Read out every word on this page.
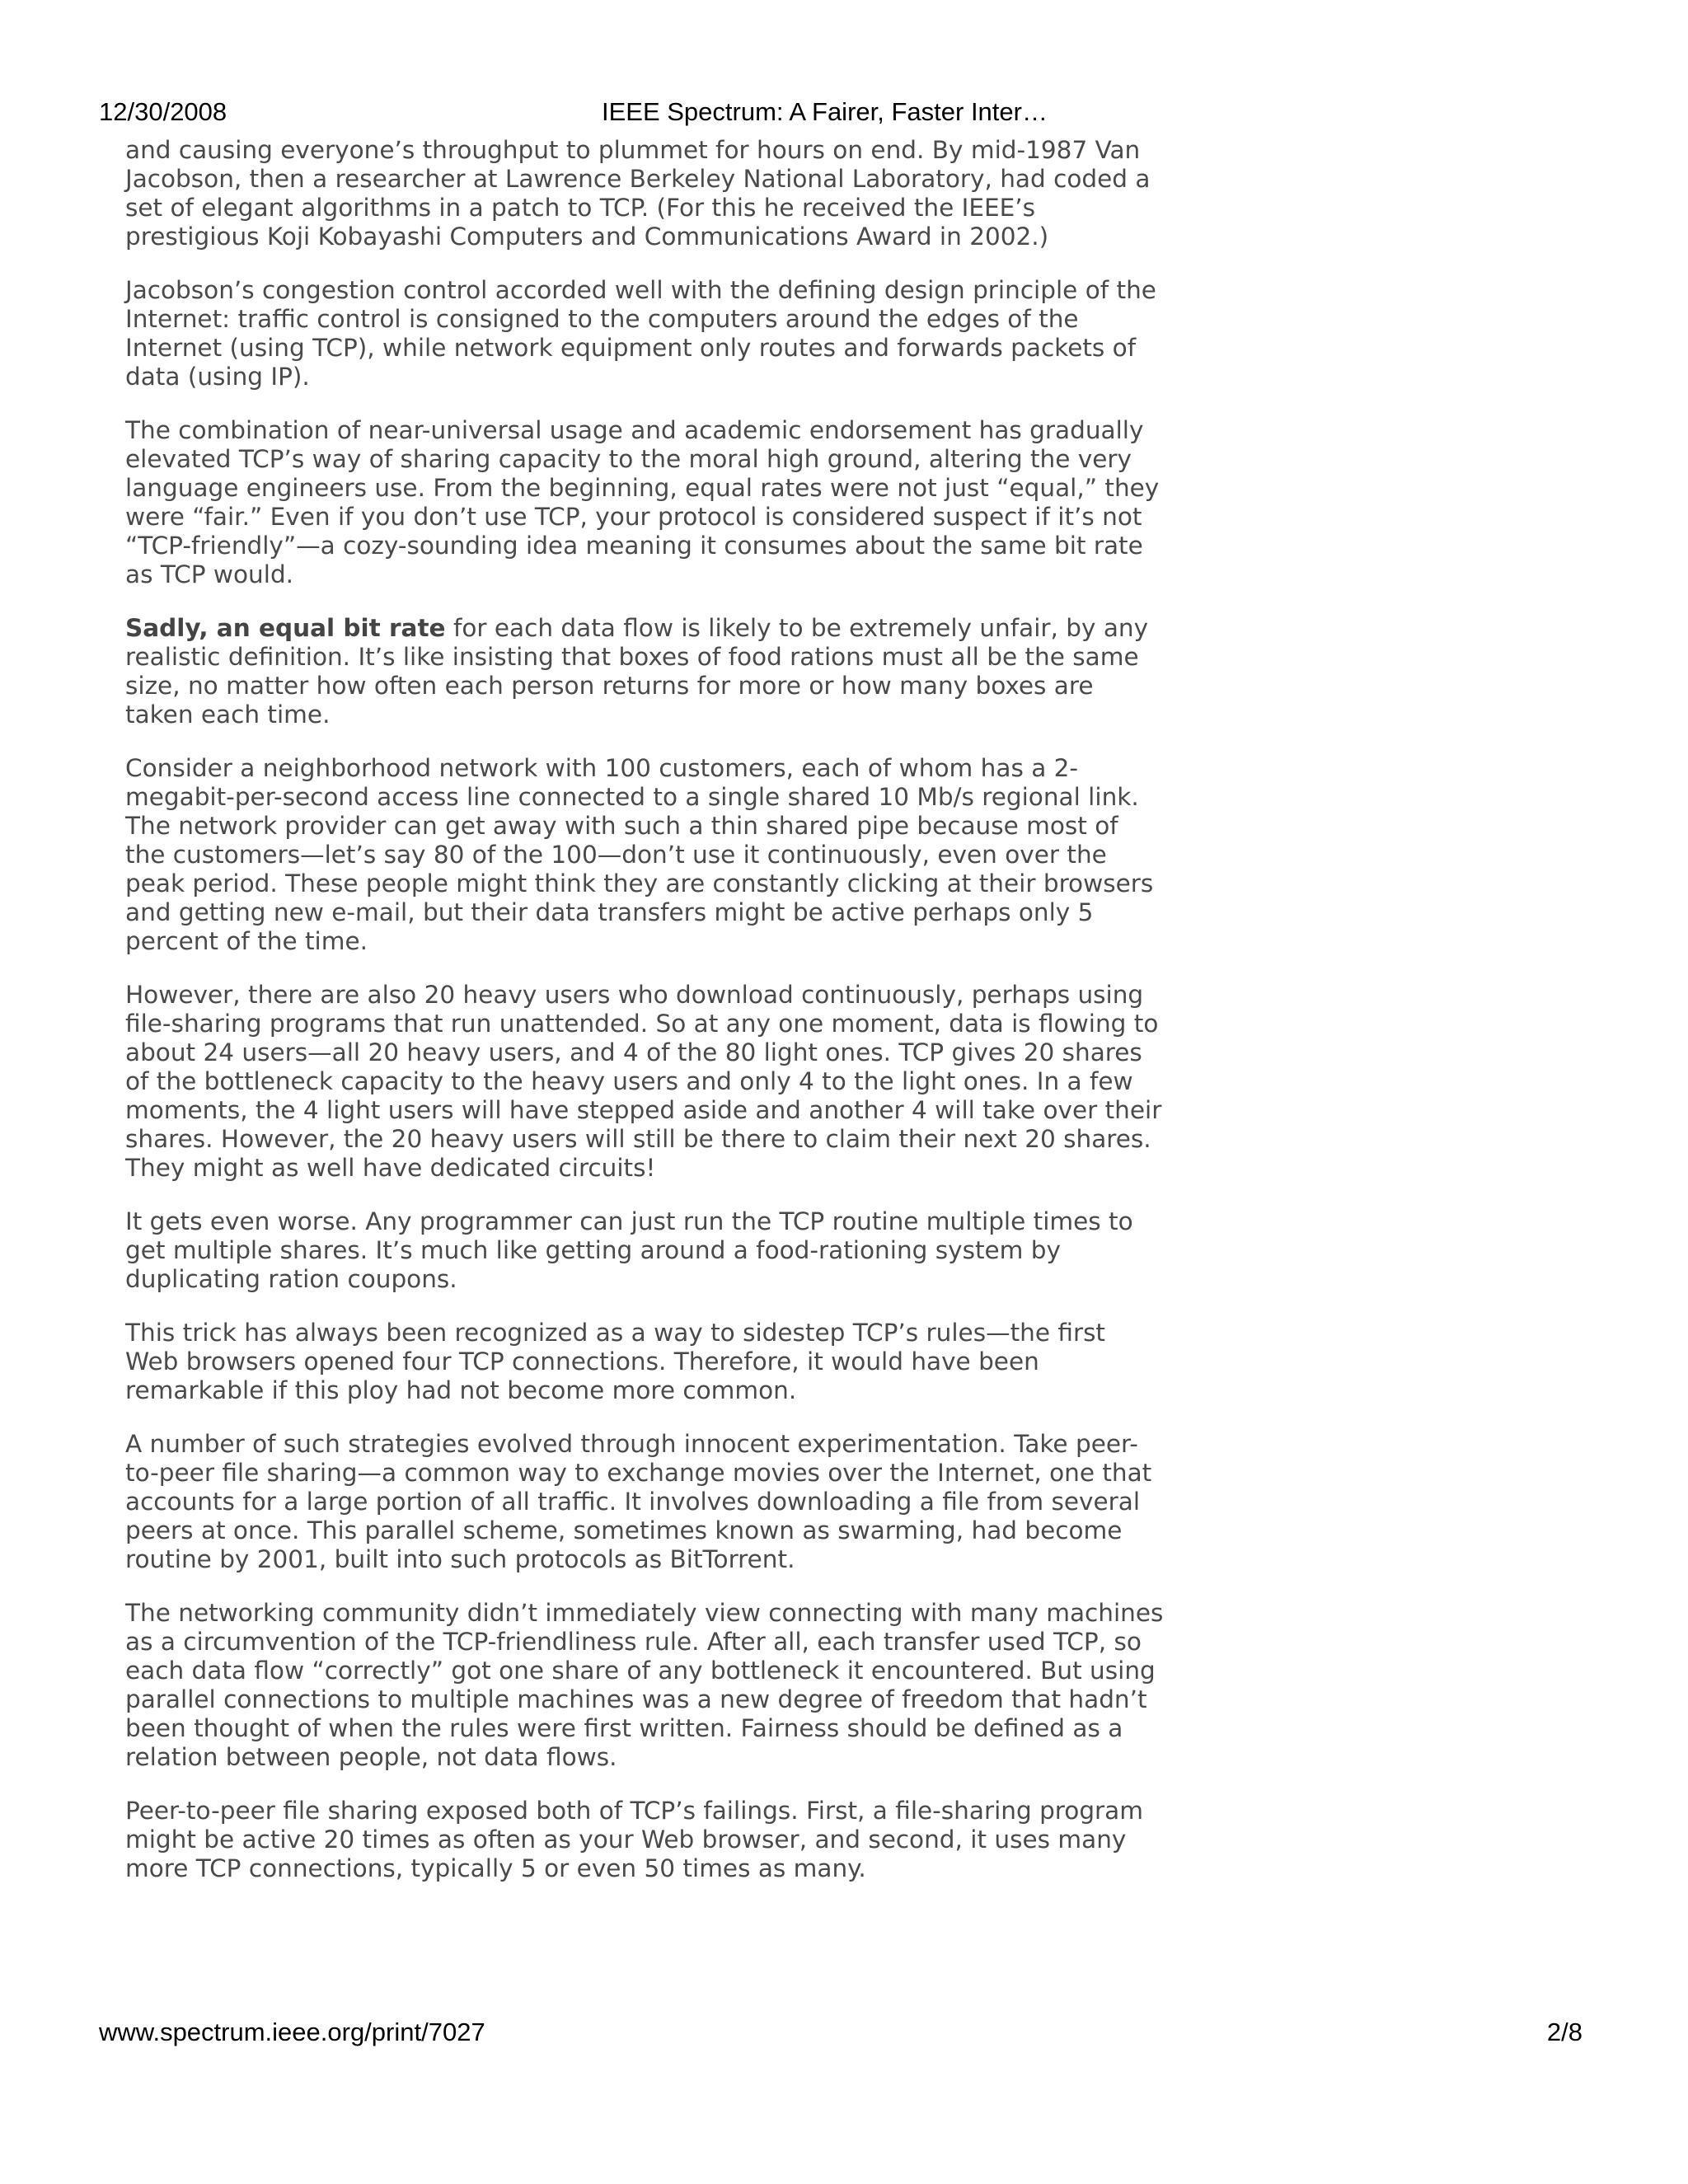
12/30/2008	IEEE Spectrum: A Fairer, Faster Inter…

and causing everyone’s throughput to plummet for hours on end. By mid-1987 Van Jacobson, then a researcher at Lawrence Berkeley National Laboratory, had coded a set of elegant algorithms in a patch to TCP. (For this he received the IEEE’s prestigious Koji Kobayashi Computers and Communications Award in 2002.)

Jacobson’s congestion control accorded well with the defining design principle of the Internet: traffic control is consigned to the computers around the edges of the Internet (using TCP), while network equipment only routes and forwards packets of data (using IP).

The combination of near-universal usage and academic endorsement has gradually elevated TCP’s way of sharing capacity to the moral high ground, altering the very language engineers use. From the beginning, equal rates were not just “equal,” they were “fair.” Even if you don’t use TCP, your protocol is considered suspect if it’s not “TCP-friendly”—a cozy-sounding idea meaning it consumes about the same bit rate as TCP would.

Sadly, an equal bit rate for each data flow is likely to be extremely unfair, by any realistic definition. It’s like insisting that boxes of food rations must all be the same size, no matter how often each person returns for more or how many boxes are taken each time.

Consider a neighborhood network with 100 customers, each of whom has a 2-megabit-per-second access line connected to a single shared 10 Mb/s regional link. The network provider can get away with such a thin shared pipe because most of the customers—let’s say 80 of the 100—don’t use it continuously, even over the peak period. These people might think they are constantly clicking at their browsers and getting new e-mail, but their data transfers might be active perhaps only 5 percent of the time.

However, there are also 20 heavy users who download continuously, perhaps using file-sharing programs that run unattended. So at any one moment, data is flowing to about 24 users—all 20 heavy users, and 4 of the 80 light ones. TCP gives 20 shares of the bottleneck capacity to the heavy users and only 4 to the light ones. In a few moments, the 4 light users will have stepped aside and another 4 will take over their shares. However, the 20 heavy users will still be there to claim their next 20 shares. They might as well have dedicated circuits!

It gets even worse. Any programmer can just run the TCP routine multiple times to get multiple shares. It’s much like getting around a food-rationing system by duplicating ration coupons.

This trick has always been recognized as a way to sidestep TCP’s rules—the first Web browsers opened four TCP connections. Therefore, it would have been remarkable if this ploy had not become more common.

A number of such strategies evolved through innocent experimentation. Take peer-to-peer file sharing—a common way to exchange movies over the Internet, one that accounts for a large portion of all traffic. It involves downloading a file from several peers at once. This parallel scheme, sometimes known as swarming, had become routine by 2001, built into such protocols as BitTorrent.

The networking community didn’t immediately view connecting with many machines as a circumvention of the TCP-friendliness rule. After all, each transfer used TCP, so each data flow “correctly” got one share of any bottleneck it encountered. But using parallel connections to multiple machines was a new degree of freedom that hadn’t been thought of when the rules were first written. Fairness should be defined as a relation between people, not data flows.

Peer-to-peer file sharing exposed both of TCP’s failings. First, a file-sharing program might be active 20 times as often as your Web browser, and second, it uses many more TCP connections, typically 5 or even 50 times as many.

www.spectrum.ieee.org/print/7027	2/8
